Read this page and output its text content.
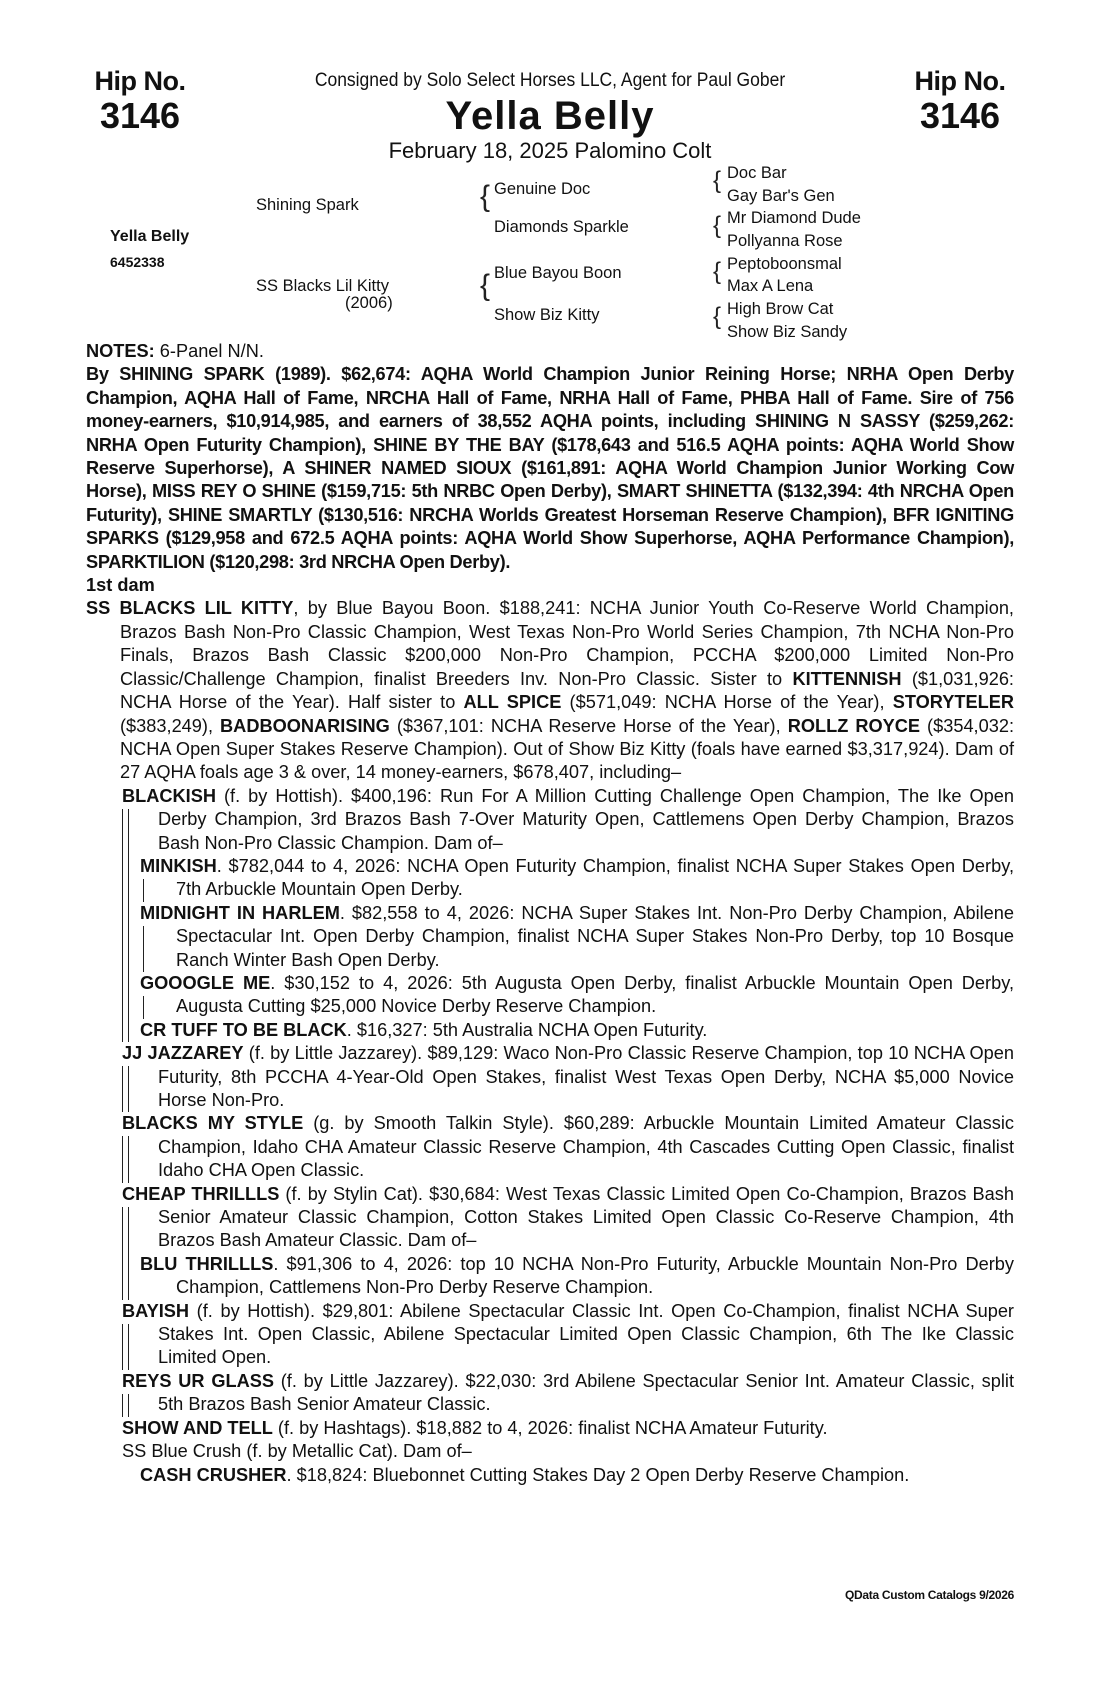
Hip No.
3146
Hip No.
3146
Consigned by Solo Select Horses LLC, Agent for Paul Gober
Yella Belly
February 18, 2025 Palomino Colt
Yella Belly
6452338
Shining Spark
SS Blacks Lil Kitty
(2006)
{ Genuine Doc
Diamonds Sparkle
{ Blue Bayou Boon
Show Biz Kitty
{ Doc Bar
Gay Bar's Gen
{ Mr Diamond Dude
Pollyanna Rose
{ Peptoboonsmal
Max A Lena
{ High Brow Cat
Show Biz Sandy

NOTES: 6-Panel N/N.

By SHINING SPARK (1989). $62,674: AQHA World Champion Junior Reining Horse; NRHA Open Derby Champion, AQHA Hall of Fame, NRCHA Hall of Fame, NRHA Hall of Fame, PHBA Hall of Fame. Sire of 756 money-earners, $10,914,985, and earners of 38,552 AQHA points, including SHINING N SASSY ($259,262: NRHA Open Futurity Champion), SHINE BY THE BAY ($178,643 and 516.5 AQHA points: AQHA World Show Reserve Superhorse), A SHINER NAMED SIOUX ($161,891: AQHA World Champion Junior Working Cow Horse), MISS REY O SHINE ($159,715: 5th NRBC Open Derby), SMART SHINETTA ($132,394: 4th NRCHA Open Futurity), SHINE SMARTLY ($130,516: NRCHA Worlds Greatest Horseman Reserve Champion), BFR IGNITING SPARKS ($129,958 and 672.5 AQHA points: AQHA World Show Superhorse, AQHA Performance Champion), SPARKTILION ($120,298: 3rd NRCHA Open Derby).

1st dam

SS BLACKS LIL KITTY, by Blue Bayou Boon. $188,241: NCHA Junior Youth Co-Reserve World Champion, Brazos Bash Non-Pro Classic Champion, West Texas Non-Pro World Series Champion, 7th NCHA Non-Pro Finals, Brazos Bash Classic $200,000 Non-Pro Champion, PCCHA $200,000 Limited Non-Pro Classic/Challenge Champion, finalist Breeders Inv. Non-Pro Classic. Sister to KITTENNISH ($1,031,926: NCHA Horse of the Year). Half sister to ALL SPICE ($571,049: NCHA Horse of the Year), STORYTELER ($383,249), BADBOONARISING ($367,101: NCHA Reserve Horse of the Year), ROLLZ ROYCE ($354,032: NCHA Open Super Stakes Reserve Champion). Out of Show Biz Kitty (foals have earned $3,317,924). Dam of 27 AQHA foals age 3 & over, 14 money-earners, $678,407, including–

BLACKISH (f. by Hottish). $400,196: Run For A Million Cutting Challenge Open Champion, The Ike Open Derby Champion, 3rd Brazos Bash 7-Over Maturity Open, Cattlemens Open Derby Champion, Brazos Bash Non-Pro Classic Champion. Dam of–

MINKISH. $782,044 to 4, 2026: NCHA Open Futurity Champion, finalist NCHA Super Stakes Open Derby, 7th Arbuckle Mountain Open Derby.

MIDNIGHT IN HARLEM. $82,558 to 4, 2026: NCHA Super Stakes Int. Non-Pro Derby Champion, Abilene Spectacular Int. Open Derby Champion, finalist NCHA Super Stakes Non-Pro Derby, top 10 Bosque Ranch Winter Bash Open Derby.

GOOOGLE ME. $30,152 to 4, 2026: 5th Augusta Open Derby, finalist Arbuckle Mountain Open Derby, Augusta Cutting $25,000 Novice Derby Reserve Champion.

CR TUFF TO BE BLACK. $16,327: 5th Australia NCHA Open Futurity.

JJ JAZZAREY (f. by Little Jazzarey). $89,129: Waco Non-Pro Classic Reserve Champion, top 10 NCHA Open Futurity, 8th PCCHA 4-Year-Old Open Stakes, finalist West Texas Open Derby, NCHA $5,000 Novice Horse Non-Pro.

BLACKS MY STYLE (g. by Smooth Talkin Style). $60,289: Arbuckle Mountain Limited Amateur Classic Champion, Idaho CHA Amateur Classic Reserve Champion, 4th Cascades Cutting Open Classic, finalist Idaho CHA Open Classic.

CHEAP THRILLLS (f. by Stylin Cat). $30,684: West Texas Classic Limited Open Co-Champion, Brazos Bash Senior Amateur Classic Champion, Cotton Stakes Limited Open Classic Co-Reserve Champion, 4th Brazos Bash Amateur Classic. Dam of–

BLU THRILLLS. $91,306 to 4, 2026: top 10 NCHA Non-Pro Futurity, Arbuckle Mountain Non-Pro Derby Champion, Cattlemens Non-Pro Derby Reserve Champion.

BAYISH (f. by Hottish). $29,801: Abilene Spectacular Classic Int. Open Co-Champion, finalist NCHA Super Stakes Int. Open Classic, Abilene Spectacular Limited Open Classic Champion, 6th The Ike Classic Limited Open.

REYS UR GLASS (f. by Little Jazzarey). $22,030: 3rd Abilene Spectacular Senior Int. Amateur Classic, split 5th Brazos Bash Senior Amateur Classic.

SHOW AND TELL (f. by Hashtags). $18,882 to 4, 2026: finalist NCHA Amateur Futurity.

SS Blue Crush (f. by Metallic Cat). Dam of–

CASH CRUSHER. $18,824: Bluebonnet Cutting Stakes Day 2 Open Derby Reserve Champion.

QData Custom Catalogs 9/2026
